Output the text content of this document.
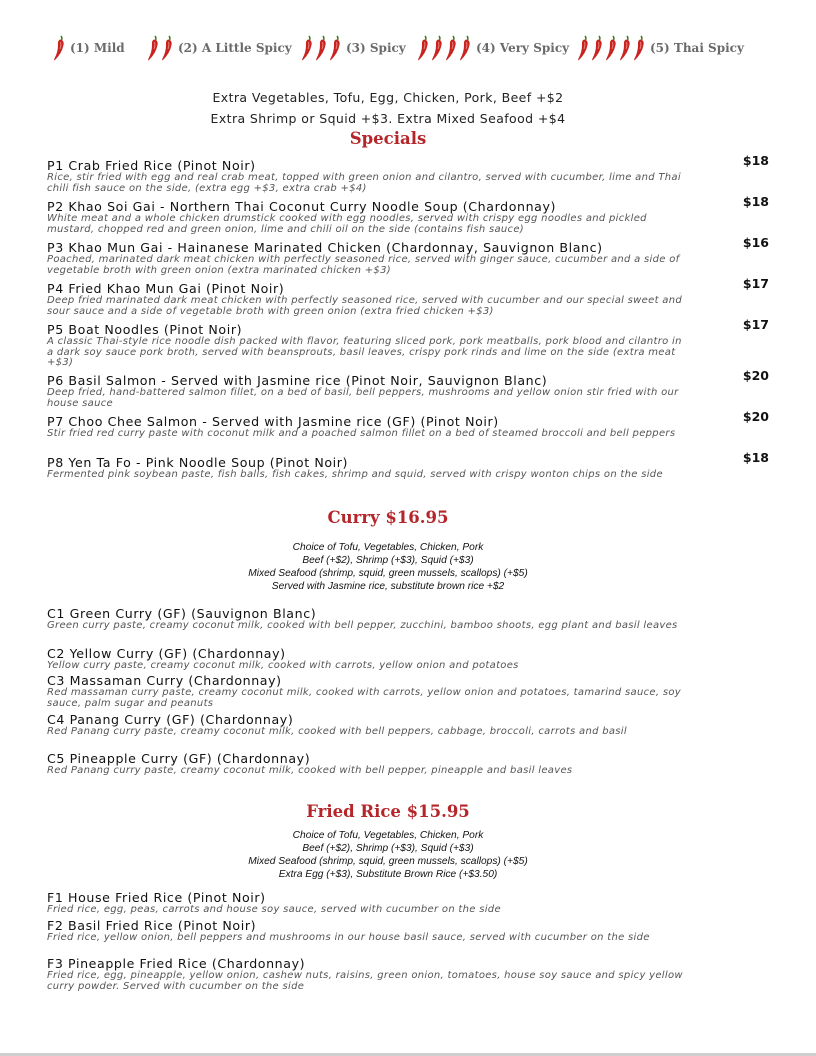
(1) Mild	(2) A Little Spicy	(3) Spicy	(4) Very Spicy	(5) Thai Spicy
Extra Vegetables, Tofu, Egg, Chicken, Pork, Beef +$2
Extra Shrimp or Squid +$3. Extra Mixed Seafood +$4
Specials
P1 Crab Fried Rice (Pinot Noir)
Rice, stir fried with egg and real crab meat, topped with green onion and cilantro, served with cucumber, lime and Thai chili fish sauce on the side, (extra egg +$3, extra crab +$4)
$18
P2 Khao Soi Gai - Northern Thai Coconut Curry Noodle Soup (Chardonnay)
White meat and a whole chicken drumstick cooked with egg noodles, served with crispy egg noodles and pickled mustard, chopped red and green onion, lime and chili oil on the side (contains fish sauce)
$18
P3 Khao Mun Gai - Hainanese Marinated Chicken (Chardonnay, Sauvignon Blanc)
Poached, marinated dark meat chicken with perfectly seasoned rice, served with ginger sauce, cucumber and a side of vegetable broth with green onion (extra marinated chicken +$3)
$16
P4 Fried Khao Mun Gai (Pinot Noir)
Deep fried marinated dark meat chicken with perfectly seasoned rice, served with cucumber and our special sweet and sour sauce and a side of vegetable broth with green onion (extra fried chicken +$3)
$17
P5 Boat Noodles (Pinot Noir)
A classic Thai-style rice noodle dish packed with flavor, featuring sliced pork, pork meatballs, pork blood and cilantro in a dark soy sauce pork broth, served with beansprouts, basil leaves, crispy pork rinds and lime on the side (extra meat +$3)
$17
P6 Basil Salmon - Served with Jasmine rice (Pinot Noir, Sauvignon Blanc)
Deep fried, hand-battered salmon fillet, on a bed of basil, bell peppers, mushrooms and yellow onion stir fried with our house sauce
$20
P7 Choo Chee Salmon - Served with Jasmine rice (GF) (Pinot Noir)
Stir fried red curry paste with coconut milk and a poached salmon fillet on a bed of steamed broccoli and bell peppers
$20
P8 Yen Ta Fo - Pink Noodle Soup (Pinot Noir)
Fermented pink soybean paste, fish balls, fish cakes, shrimp and squid, served with crispy wonton chips on the side
$18
Curry $16.95
Choice of Tofu, Vegetables, Chicken, Pork
Beef (+$2), Shrimp (+$3), Squid (+$3)
Mixed Seafood (shrimp, squid, green mussels, scallops) (+$5)
Served with Jasmine rice, substitute brown rice +$2
C1 Green Curry (GF) (Sauvignon Blanc)
Green curry paste, creamy coconut milk, cooked with bell pepper, zucchini, bamboo shoots, egg plant and basil leaves
C2 Yellow Curry (GF) (Chardonnay)
Yellow curry paste, creamy coconut milk, cooked with carrots, yellow onion and potatoes
C3 Massaman Curry (Chardonnay)
Red massaman curry paste, creamy coconut milk, cooked with carrots, yellow onion and potatoes, tamarind sauce, soy sauce, palm sugar and peanuts
C4 Panang Curry (GF) (Chardonnay)
Red Panang curry paste, creamy coconut milk, cooked with bell peppers, cabbage, broccoli, carrots and basil
C5 Pineapple Curry (GF) (Chardonnay)
Red Panang curry paste, creamy coconut milk, cooked with bell pepper, pineapple and basil leaves
Fried Rice $15.95
Choice of Tofu, Vegetables, Chicken, Pork
Beef (+$2), Shrimp (+$3), Squid (+$3)
Mixed Seafood (shrimp, squid, green mussels, scallops) (+$5)
Extra Egg (+$3), Substitute Brown Rice (+$3.50)
F1 House Fried Rice (Pinot Noir)
Fried rice, egg, peas, carrots and house soy sauce, served with cucumber on the side
F2 Basil Fried Rice (Pinot Noir)
Fried rice, yellow onion, bell peppers and mushrooms in our house basil sauce, served with cucumber on the side
F3 Pineapple Fried Rice (Chardonnay)
Fried rice, egg, pineapple, yellow onion, cashew nuts, raisins, green onion, tomatoes, house soy sauce and spicy yellow curry powder. Served with cucumber on the side
